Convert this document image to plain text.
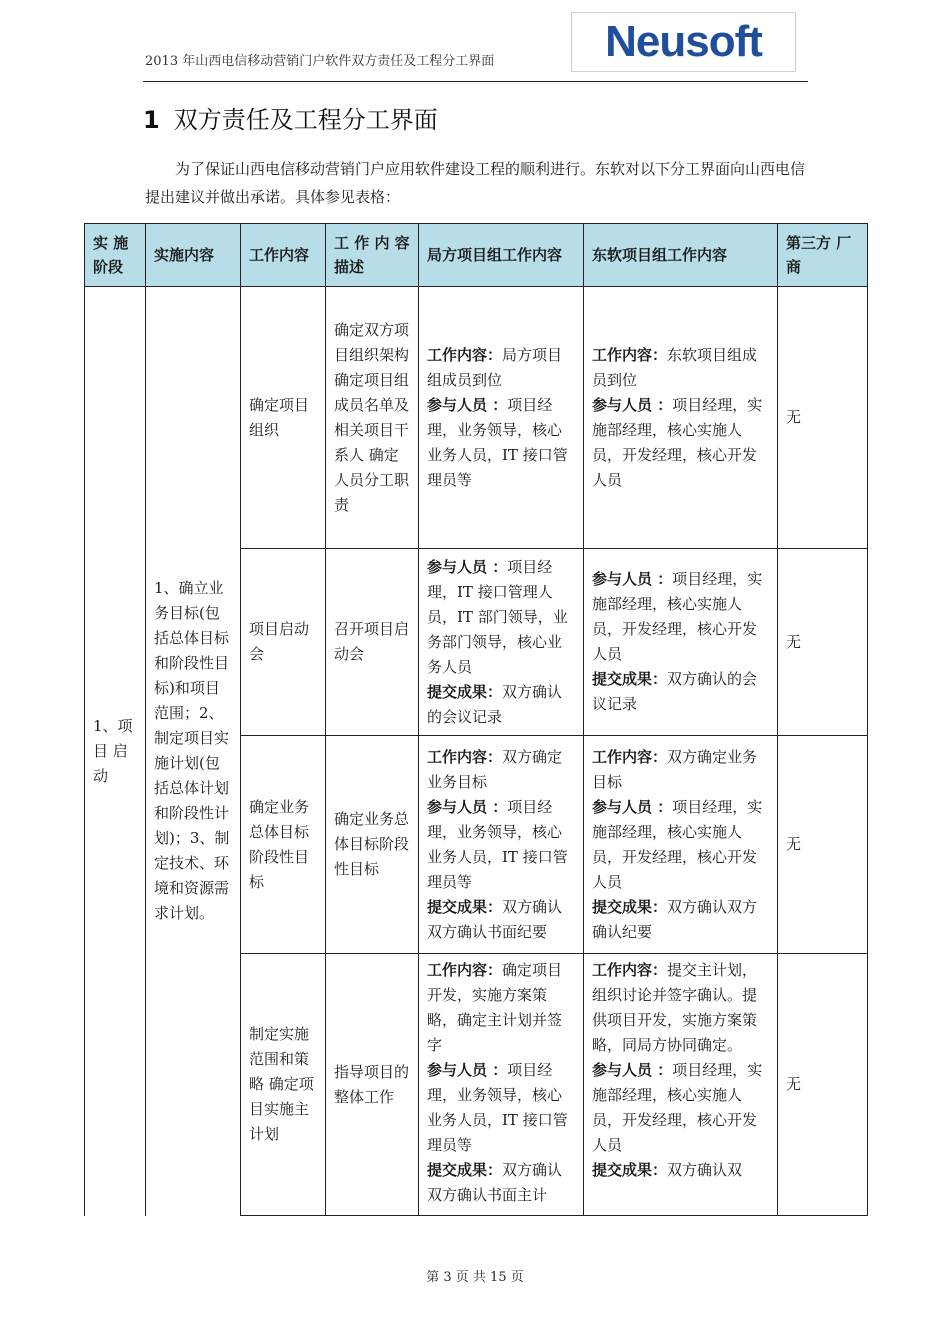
2013 年山西电信移动营销门户软件双方责任及工程分工界面	Neusoft
1 双方责任及工程分工界面

为了保证山西电信移动营销门户应用软件建设工程的顺利进行。东软对以下分工界面向山西电信提出建议并做出承诺。具体参见表格：

实 施 阶段	实施内容	工作内容	工 作 内 容 描述	局方项目组工作内容	东软项目组工作内容	第三方 厂商
1、项 目 启 动	1、确立业务目标(包括总体目标和阶段性目标)和项目范围；2、制定项目实施计划(包括总体计划和阶段性计划)；3、制定技术、环境和资源需求计划。	确定项目组织	确定双方项目组织架构 确定项目组成员名单及相关项目干系人 确定人员分工职责	工作内容：局方项目组成员到位
参与人员 ：项目经理，业务领导，核心业务人员，IT 接口管理员等	工作内容：东软项目组成员到位
参与人员 ：项目经理，实施部经理，核心实施人员，开发经理，核心开发人员	无
		项目启动会	召开项目启动会	参与人员 ：项目经理，IT 接口管理人员，IT 部门领导，业务部门领导，核心业务人员
提交成果：双方确认的会议记录	参与人员 ：项目经理，实施部经理，核心实施人员，开发经理，核心开发人员
提交成果：双方确认的会议记录	无
		确定业务总体目标阶段性目标	确定业务总体目标阶段性目标	工作内容：双方确定业务目标
参与人员 ：项目经理，业务领导，核心业务人员，IT 接口管理员等
提交成果：双方确认双方确认书面纪要	工作内容：双方确定业务目标
参与人员 ：项目经理，实施部经理，核心实施人员，开发经理，核心开发人员
提交成果：双方确认双方确认纪要	无
		制定实施范围和策略 确定项目实施主计划	指导项目的整体工作	工作内容：确定项目开发，实施方案策略，确定主计划并签字
参与人员 ：项目经理，业务领导，核心业务人员，IT 接口管理员等
提交成果：双方确认双方确认书面主计	工作内容：提交主计划，组织讨论并签字确认。提供项目开发，实施方案策略，同局方协同确定。
参与人员 ：项目经理，实施部经理，核心实施人员，开发经理，核心开发人员
提交成果：双方确认双	无
第 3 页 共 15 页
